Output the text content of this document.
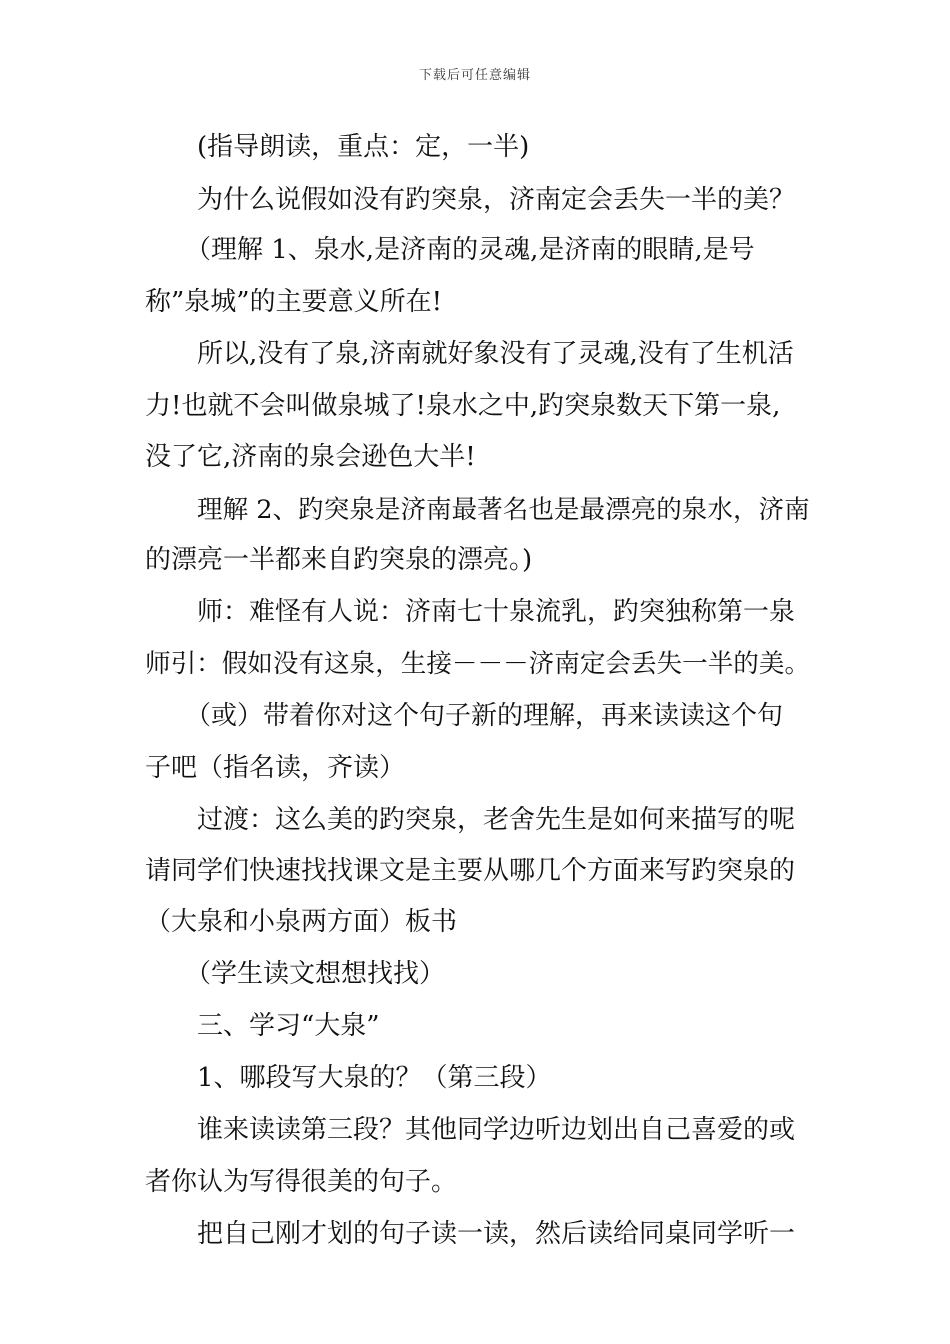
下载后可任意编辑
(指导朗读，重点：定，一半)
为什么说假如没有趵突泉，济南定会丢失一半的美？
（理解 1、泉水,是济南的灵魂,是济南的眼睛,是号
称”泉城”的主要意义所在!
所以,没有了泉,济南就好象没有了灵魂,没有了生机活
力!也就不会叫做泉城了!泉水之中,趵突泉数天下第一泉,
没了它,济南的泉会逊色大半!
理解 2、趵突泉是济南最著名也是最漂亮的泉水，济南
的漂亮一半都来自趵突泉的漂亮。)
师：难怪有人说：济南七十泉流乳，趵突独称第一泉
师引：假如没有这泉，生接－－－济南定会丢失一半的美。
（或）带着你对这个句子新的理解，再来读读这个句
子吧（指名读，齐读）
过渡：这么美的趵突泉，老舍先生是如何来描写的呢
请同学们快速找找课文是主要从哪几个方面来写趵突泉的
（大泉和小泉两方面）板书
（学生读文想想找找）
三、学习“大泉”
1、哪段写大泉的？（第三段）
谁来读读第三段？其他同学边听边划出自己喜爱的或
者你认为写得很美的句子。
把自己刚才划的句子读一读，然后读给同桌同学听一
